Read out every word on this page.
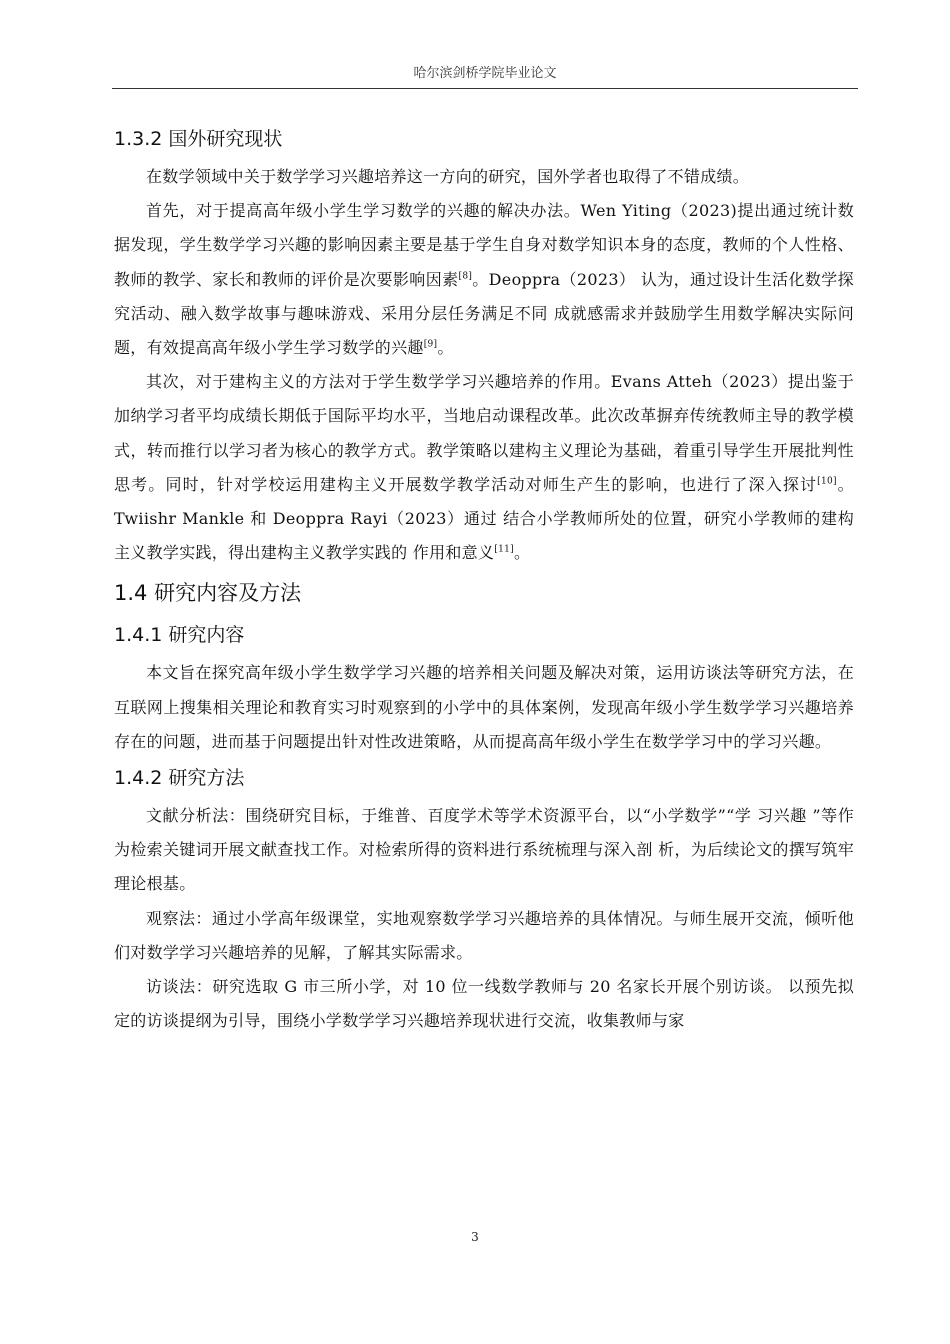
哈尔滨剑桥学院毕业论文
1.3.2 国外研究现状

在数学领域中关于数学学习兴趣培养这一方向的研究，国外学者也取得了不错成绩。

首先，对于提高高年级小学生学习数学的兴趣的解决办法。Wen Yiting（2023)提出通过统计数据发现，学生数学学习兴趣的影响因素主要是基于学生自身对数学知识本身的态度，教师的个人性格、教师的教学、家长和教师的评价是次要影响因素[8]。Deoppra（2023） 认为，通过设计生活化数学探究活动、融入数学故事与趣味游戏、采用分层任务满足不同 成就感需求并鼓励学生用数学解决实际问题，有效提高高年级小学生学习数学的兴趣[9]。

其次，对于建构主义的方法对于学生数学学习兴趣培养的作用。Evans Atteh（2023）提出鉴于加纳学习者平均成绩长期低于国际平均水平，当地启动课程改革。此次改革摒弃传统教师主导的教学模式，转而推行以学习者为核心的教学方式。教学策略以建构主义理论为基础，着重引导学生开展批判性思考。同时，针对学校运用建构主义开展数学教学活动对师生产生的影响，也进行了深入探讨[10]。Twiishr Mankle 和 Deoppra Rayi（2023）通过 结合小学教师所处的位置，研究小学教师的建构主义教学实践，得出建构主义教学实践的 作用和意义[11]。

1.4 研究内容及方法
1.4.1 研究内容

本文旨在探究高年级小学生数学学习兴趣的培养相关问题及解决对策，运用访谈法等研究方法，在互联网上搜集相关理论和教育实习时观察到的小学中的具体案例，发现高年级小学生数学学习兴趣培养存在的问题，进而基于问题提出针对性改进策略，从而提高高年级小学生在数学学习中的学习兴趣。

1.4.2 研究方法

文献分析法：围绕研究目标，于维普、百度学术等学术资源平台，以“小学数学”“学 习兴趣 ”等作为检索关键词开展文献查找工作。对检索所得的资料进行系统梳理与深入剖 析，为后续论文的撰写筑牢理论根基。

观察法：通过小学高年级课堂，实地观察数学学习兴趣培养的具体情况。与师生展开交流，倾听他们对数学学习兴趣培养的见解，了解其实际需求。

访谈法：研究选取 G 市三所小学，对 10 位一线数学教师与 20 名家长开展个别访谈。 以预先拟定的访谈提纲为引导，围绕小学数学学习兴趣培养现状进行交流，收集教师与家

3
